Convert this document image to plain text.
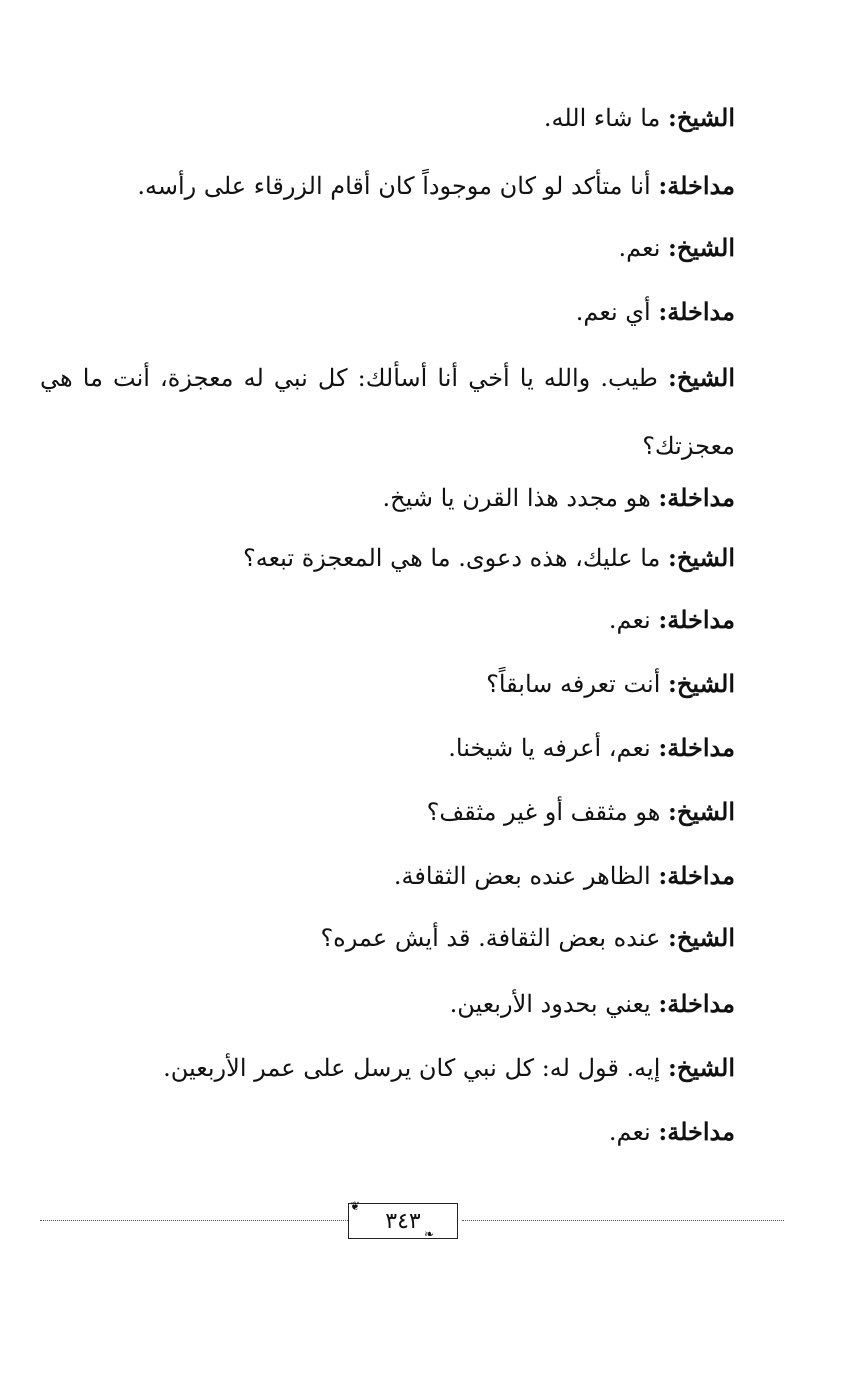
الشيخ: ما شاء الله.
مداخلة: أنا متأكد لو كان موجوداً كان أقام الزرقاء على رأسه.
الشيخ: نعم.
مداخلة: أي نعم.
الشيخ: طيب. والله يا أخي أنا أسألك: كل نبي له معجزة، أنت ما هي معجزتك؟
مداخلة: هو مجدد هذا القرن يا شيخ.
الشيخ: ما عليك، هذه دعوى. ما هي المعجزة تبعه؟
مداخلة: نعم.
الشيخ: أنت تعرفه سابقاً؟
مداخلة: نعم، أعرفه يا شيخنا.
الشيخ: هو مثقف أو غير مثقف؟
مداخلة: الظاهر عنده بعض الثقافة.
الشيخ: عنده بعض الثقافة. قد أيش عمره؟
مداخلة: يعني بحدود الأربعين.
الشيخ: إيه. قول له: كل نبي كان يرسل على عمر الأربعين.
مداخلة: نعم.
٣٤٣
❦
❧
